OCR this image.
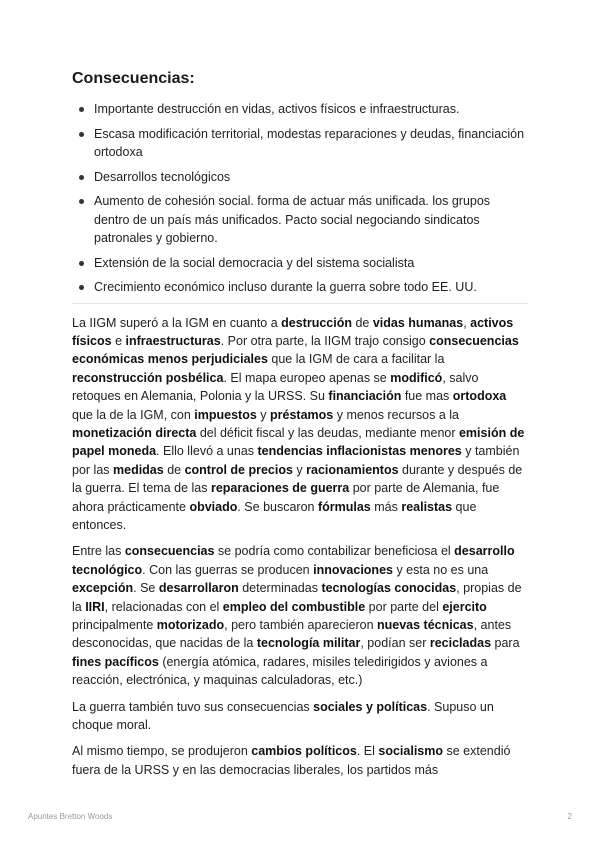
Consecuencias:
Importante destrucción en vidas, activos físicos e infraestructuras.
Escasa modificación territorial, modestas reparaciones y deudas, financiación ortodoxa
Desarrollos tecnológicos
Aumento de cohesión social. forma de actuar más unificada. los grupos dentro de un país más unificados. Pacto social negociando sindicatos patronales y gobierno.
Extensión de la social democracia y del sistema socialista
Crecimiento económico incluso durante la guerra sobre todo EE. UU.

La IIGM superó a la IGM en cuanto a destrucción de vidas humanas, activos físicos e infraestructuras. Por otra parte, la IIGM trajo consigo consecuencias económicas menos perjudiciales que la IGM de cara a facilitar la reconstrucción posbélica. El mapa europeo apenas se modificó, salvo retoques en Alemania, Polonia y la URSS. Su financiación fue mas ortodoxa que la de la IGM, con impuestos y préstamos y menos recursos a la monetización directa del déficit fiscal y las deudas, mediante menor emisión de papel moneda. Ello llevó a unas tendencias inflacionistas menores y también por las medidas de control de precios y racionamientos durante y después de la guerra. El tema de las reparaciones de guerra por parte de Alemania, fue ahora prácticamente obviado. Se buscaron fórmulas más realistas que entonces.

Entre las consecuencias se podría como contabilizar beneficiosa el desarrollo tecnológico. Con las guerras se producen innovaciones y esta no es una excepción. Se desarrollaron determinadas tecnologías conocidas, propias de la IIRI, relacionadas con el empleo del combustible por parte del ejercito principalmente motorizado, pero también aparecieron nuevas técnicas, antes desconocidas, que nacidas de la tecnología militar, podían ser recicladas para fines pacíficos (energía atómica, radares, misiles teledirigidos y aviones a reacción, electrónica, y maquinas calculadoras, etc.)

La guerra también tuvo sus consecuencias sociales y políticas. Supuso un choque moral.

Al mismo tiempo, se produjeron cambios políticos. El socialismo se extendió fuera de la URSS y en las democracias liberales, los partidos más

Apuntes Bretton Woods	2
